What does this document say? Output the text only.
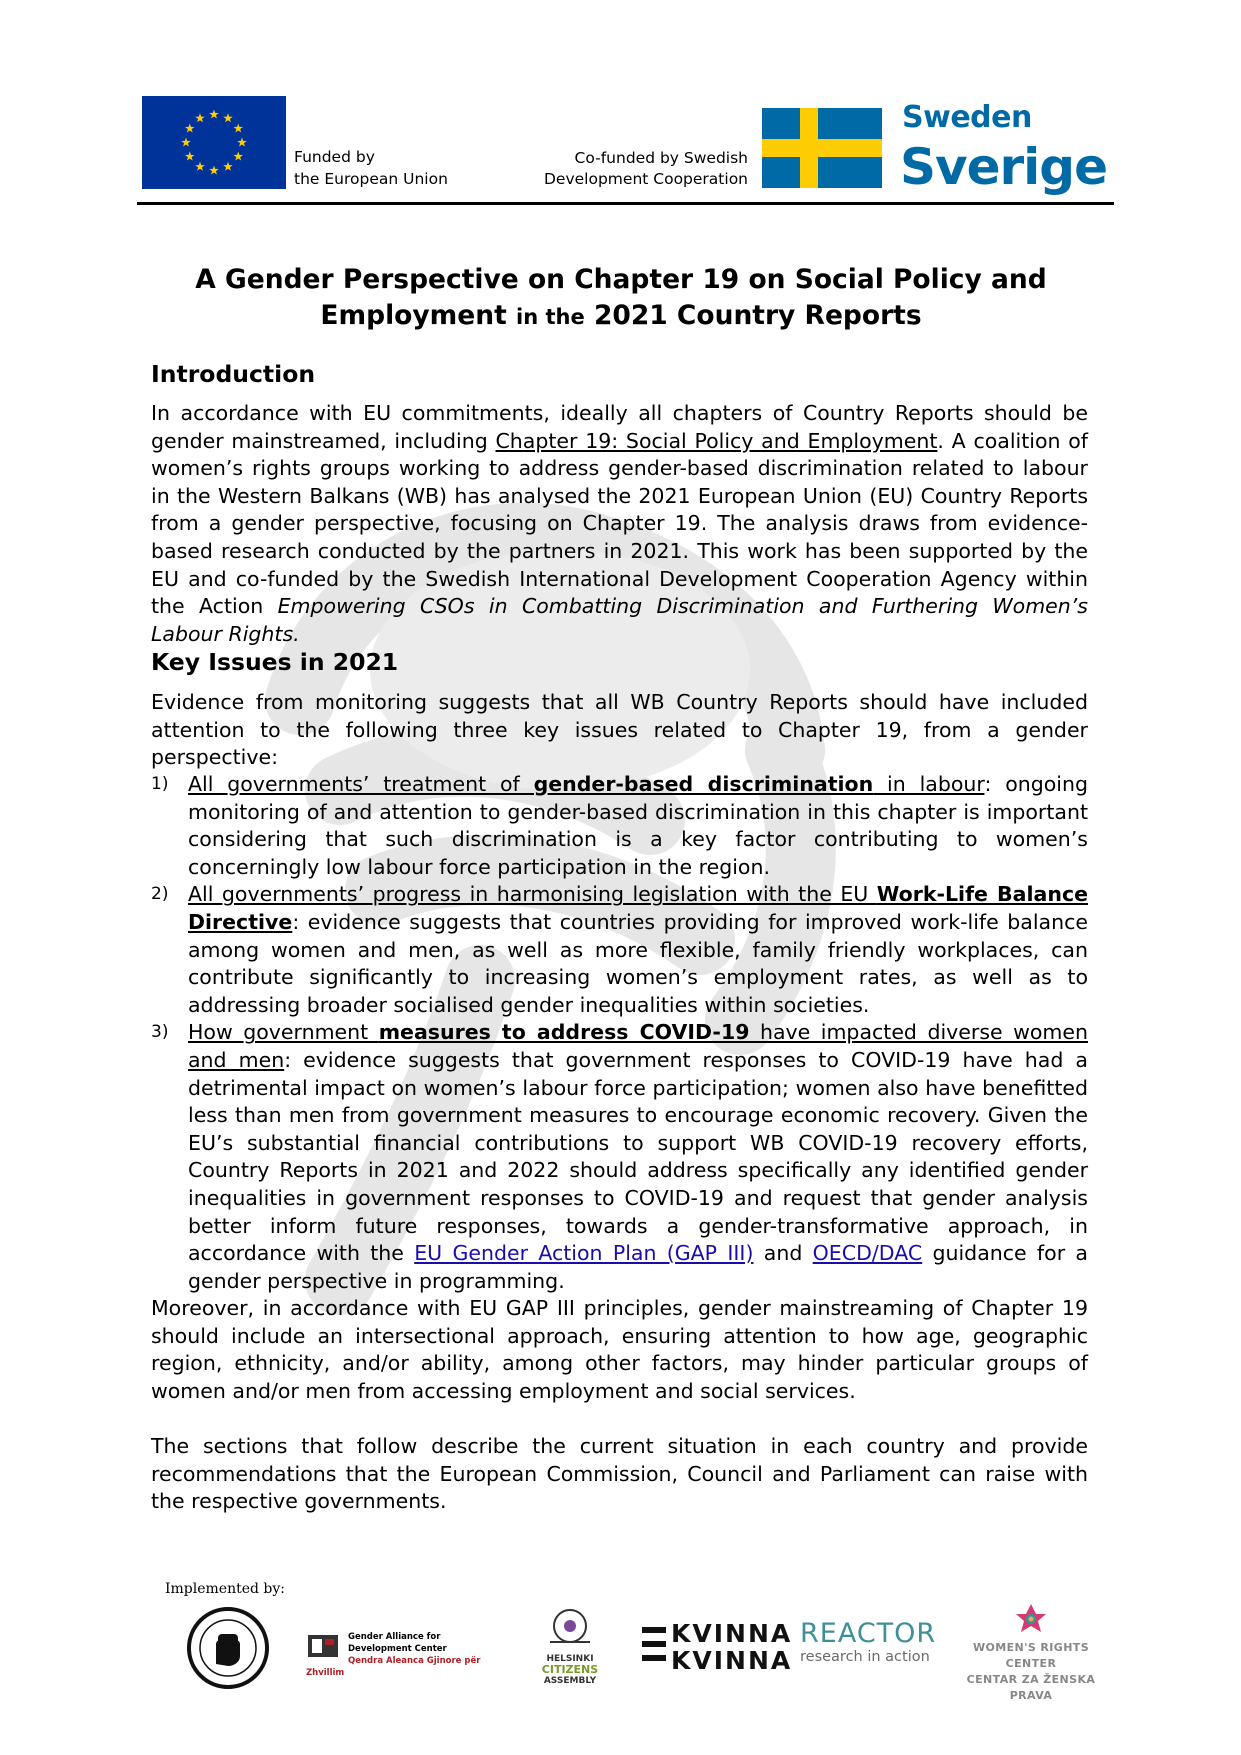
Funded by
the European Union
Co-funded by Swedish
Development Cooperation
Sweden
Sverige
A Gender Perspective on Chapter 19 on Social Policy and
Employment in the 2021 Country Reports
Introduction

In accordance with EU commitments, ideally all chapters of Country Reports should be gender mainstreamed, including Chapter 19: Social Policy and Employment. A coalition of women’s rights groups working to address gender-based discrimination related to labour in the Western Balkans (WB) has analysed the 2021 European Union (EU) Country Reports from a gender perspective, focusing on Chapter 19. The analysis draws from evidence-based research conducted by the partners in 2021. This work has been supported by the EU and co-funded by the Swedish International Development Cooperation Agency within the Action Empowering CSOs in Combatting Discrimination and Furthering Women’s Labour Rights.

Key Issues in 2021

Evidence from monitoring suggests that all WB Country Reports should have included attention to the following three key issues related to Chapter 19, from a gender perspective:

1) All governments’ treatment of gender-based discrimination in labour: ongoing monitoring of and attention to gender-based discrimination in this chapter is important considering that such discrimination is a key factor contributing to women’s concerningly low labour force participation in the region.
2) All governments’ progress in harmonising legislation with the EU Work-Life Balance Directive: evidence suggests that countries providing for improved work-life balance among women and men, as well as more flexible, family friendly workplaces, can contribute significantly to increasing women’s employment rates, as well as to addressing broader socialised gender inequalities within societies.
3) How government measures to address COVID-19 have impacted diverse women and men: evidence suggests that government responses to COVID-19 have had a detrimental impact on women’s labour force participation; women also have benefitted less than men from government measures to encourage economic recovery. Given the EU’s substantial financial contributions to support WB COVID-19 recovery efforts, Country Reports in 2021 and 2022 should address specifically any identified gender inequalities in government responses to COVID-19 and request that gender analysis better inform future responses, towards a gender-transformative approach, in accordance with the EU Gender Action Plan (GAP III) and OECD/DAC guidance for a gender perspective in programming.

Moreover, in accordance with EU GAP III principles, gender mainstreaming of Chapter 19 should include an intersectional approach, ensuring attention to how age, geographic region, ethnicity, and/or ability, among other factors, may hinder particular groups of women and/or men from accessing employment and social services.

The sections that follow describe the current situation in each country and provide recommendations that the European Commission, Council and Parliament can raise with the respective governments.

Implemented by:
Gender Alliance for Development Center
Qendra Aleanca Gjinore për Zhvillim
HELSINKI
CITIZENS
ASSEMBLY
KVINNA
KVINNA
REACTOR
research in action
WOMEN'S RIGHTS CENTER
CENTAR ZA ŽENSKA PRAVA
